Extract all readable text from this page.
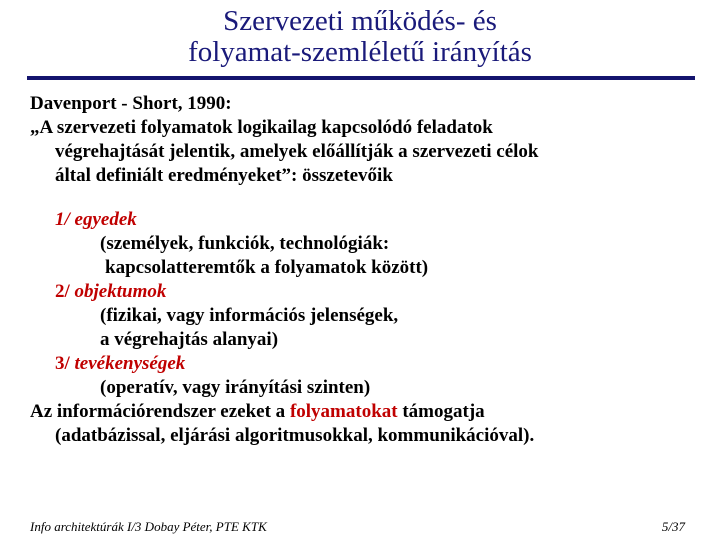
Szervezeti működés- és
folyamat-szemléletű irányítás
Davenport - Short, 1990:
„A szervezeti folyamatok logikailag kapcsolódó feladatok
végrehajtását jelentik, amelyek előállítják a szervezeti célok
által definiált eredményeket”: összetevőik
1/ egyedek
(személyek, funkciók, technológiák:
kapcsolatteremtők a folyamatok között)
2/ objektumok
(fizikai, vagy információs jelenségek,
a végrehajtás alanyai)
3/ tevékenységek
(operatív, vagy irányítási szinten)
Az információrendszer ezeket a folyamatokat támogatja
(adatbázissal, eljárási algoritmusokkal, kommunikációval).
Info architektúrák I/3 Dobay Péter, PTE KTK	5/37
